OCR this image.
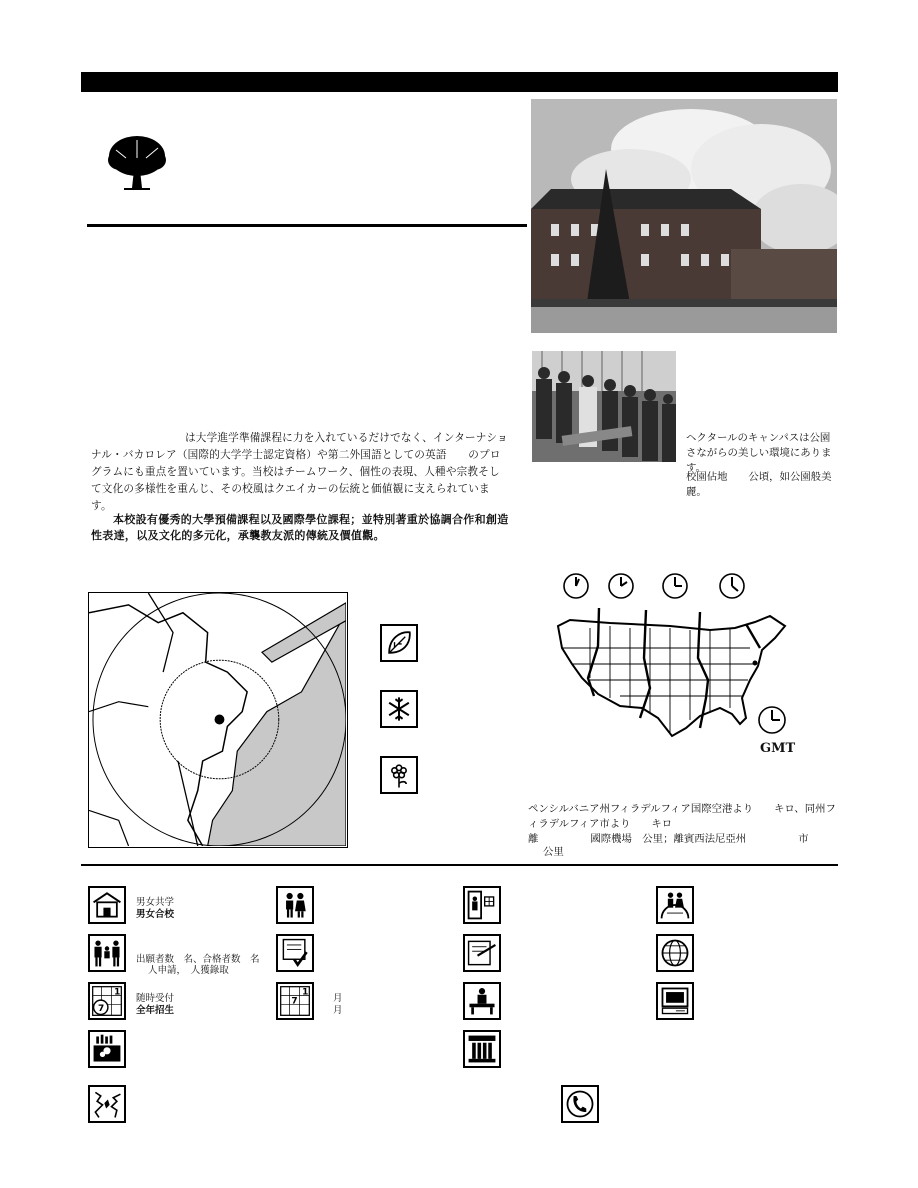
ヘクタールのキャンパスは公園さながらの美しい環境にあります。
校園佔地　　公頃，如公園般美麗。
は大学進学準備課程に力を入れているだけでなく、インターナショナル・バカロレア（国際的大学学士認定資格）や第二外国語としての英語　　のプログラムにも重点を置いています。当校はチームワーク、個性の表現、人種や宗教そして文化の多様性を重んじ、その校風はクエイカーの伝統と価値観に支えられています。
本校設有優秀的大學預備課程以及國際學位課程；並特別著重於協調合作和創造性表達，以及文化的多元化，承襲教友派的傳統及價值觀。
GMT
ペンシルバニア州フィラデルフィア国際空港より　　キロ、同州フィラデルフィア市より　　キロ
離　　　　　國際機場　公里；離賓西法尼亞州　　　　　市
公里
男女共学
男女合校
出願者数　名、合格者数　名
人申請，　人獲錄取
1
7
随時受付
全年招生
1
7	月
月
